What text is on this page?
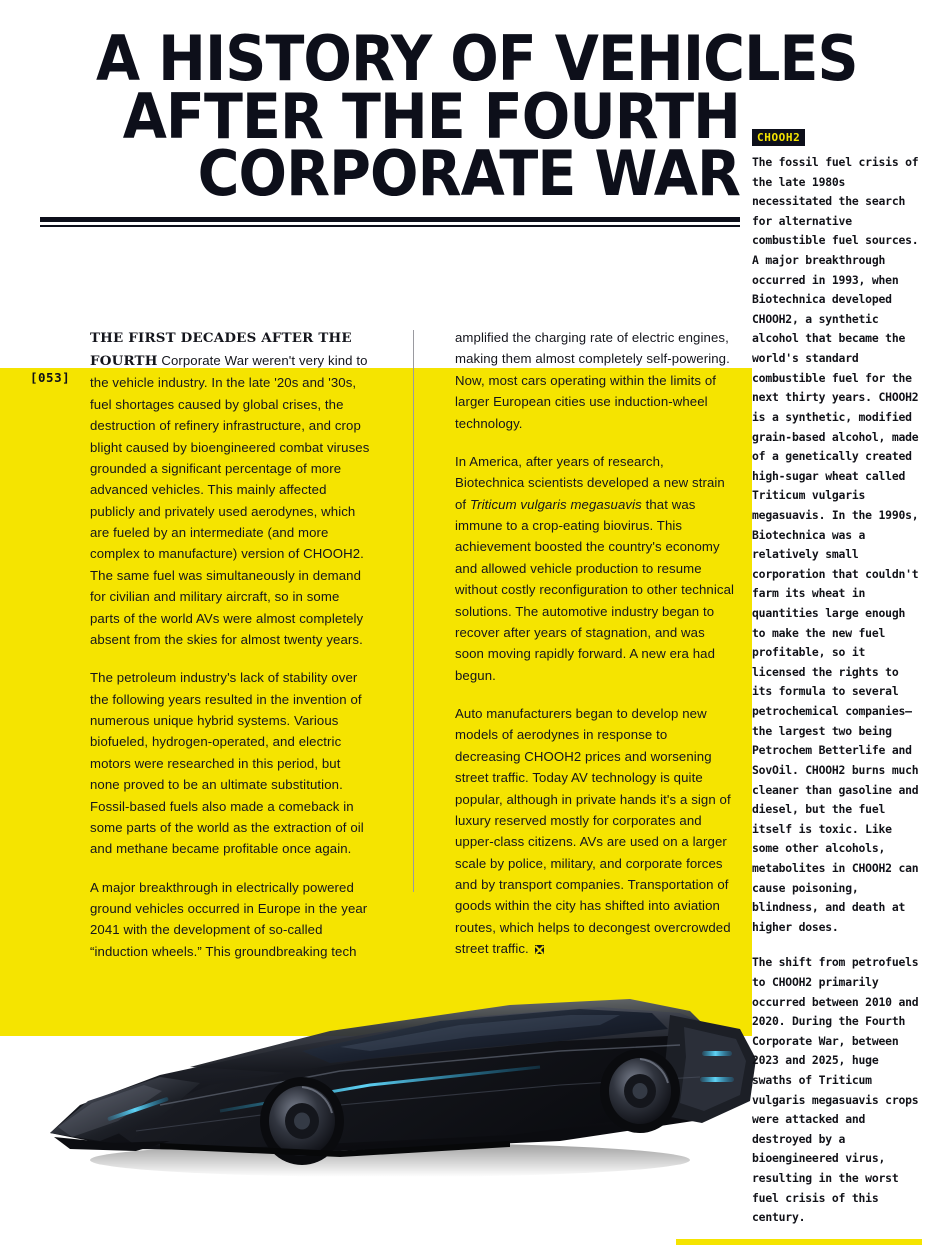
A HISTORY OF VEHICLES
AFTER THE FOURTH
CORPORATE WAR
[053]

THE FIRST DECADES AFTER THE FOURTH Corporate War weren't very kind to the vehicle industry. In the late '20s and '30s, fuel shortages caused by global crises, the destruction of refinery infrastructure, and crop blight caused by bioengineered combat viruses grounded a significant percentage of more advanced vehicles. This mainly affected publicly and privately used aerodynes, which are fueled by an intermediate (and more complex to manufacture) version of CHOOH2. The same fuel was simultaneously in demand for civilian and military aircraft, so in some parts of the world AVs were almost completely absent from the skies for almost twenty years.

The petroleum industry's lack of stability over the following years resulted in the invention of numerous unique hybrid systems. Various biofueled, hydrogen-operated, and electric motors were researched in this period, but none proved to be an ultimate substitution. Fossil-based fuels also made a comeback in some parts of the world as the extraction of oil and methane became profitable once again.

A major breakthrough in electrically powered ground vehicles occurred in Europe in the year 2041 with the development of so-called “induction wheels.” This groundbreaking tech

amplified the charging rate of electric engines, making them almost completely self-powering. Now, most cars operating within the limits of larger European cities use induction-wheel technology.

In America, after years of research, Biotechnica scientists developed a new strain of Triticum vulgaris megasuavis that was immune to a crop-eating biovirus. This achievement boosted the country's economy and allowed vehicle production to resume without costly reconfiguration to other technical solutions. The automotive industry began to recover after years of stagnation, and was soon moving rapidly forward. A new era had begun.

Auto manufacturers began to develop new models of aerodynes in response to decreasing CHOOH2 prices and worsening street traffic. Today AV technology is quite popular, although in private hands it's a sign of luxury reserved mostly for corporates and upper-class citizens. AVs are used on a larger scale by police, military, and corporate forces and by transport companies. Transportation of goods within the city has shifted into aviation routes, which helps to decongest overcrowded street traffic.

CHOOH2

The fossil fuel crisis of the late 1980s necessitated the search for alternative combustible fuel sources. A major breakthrough occurred in 1993, when Biotechnica developed CHOOH2, a synthetic alcohol that became the world's standard combustible fuel for the next thirty years. CHOOH2 is a synthetic, modified grain-based alcohol, made of a genetically created high-sugar wheat called Triticum vulgaris megasuavis. In the 1990s, Biotechnica was a relatively small corporation that couldn't farm its wheat in quantities large enough to make the new fuel profitable, so it licensed the rights to its formula to several petrochemical companies—the largest two being Petrochem Betterlife and SovOil. CHOOH2 burns much cleaner than gasoline and diesel, but the fuel itself is toxic. Like some other alcohols, metabolites in CHOOH2 can cause poisoning, blindness, and death at higher doses.

The shift from petrofuels to CHOOH2 primarily occurred between 2010 and 2020. During the Fourth Corporate War, between 2023 and 2025, huge swaths of Triticum vulgaris megasuavis crops were attacked and destroyed by a bioengineered virus, resulting in the worst fuel crisis of this century.
